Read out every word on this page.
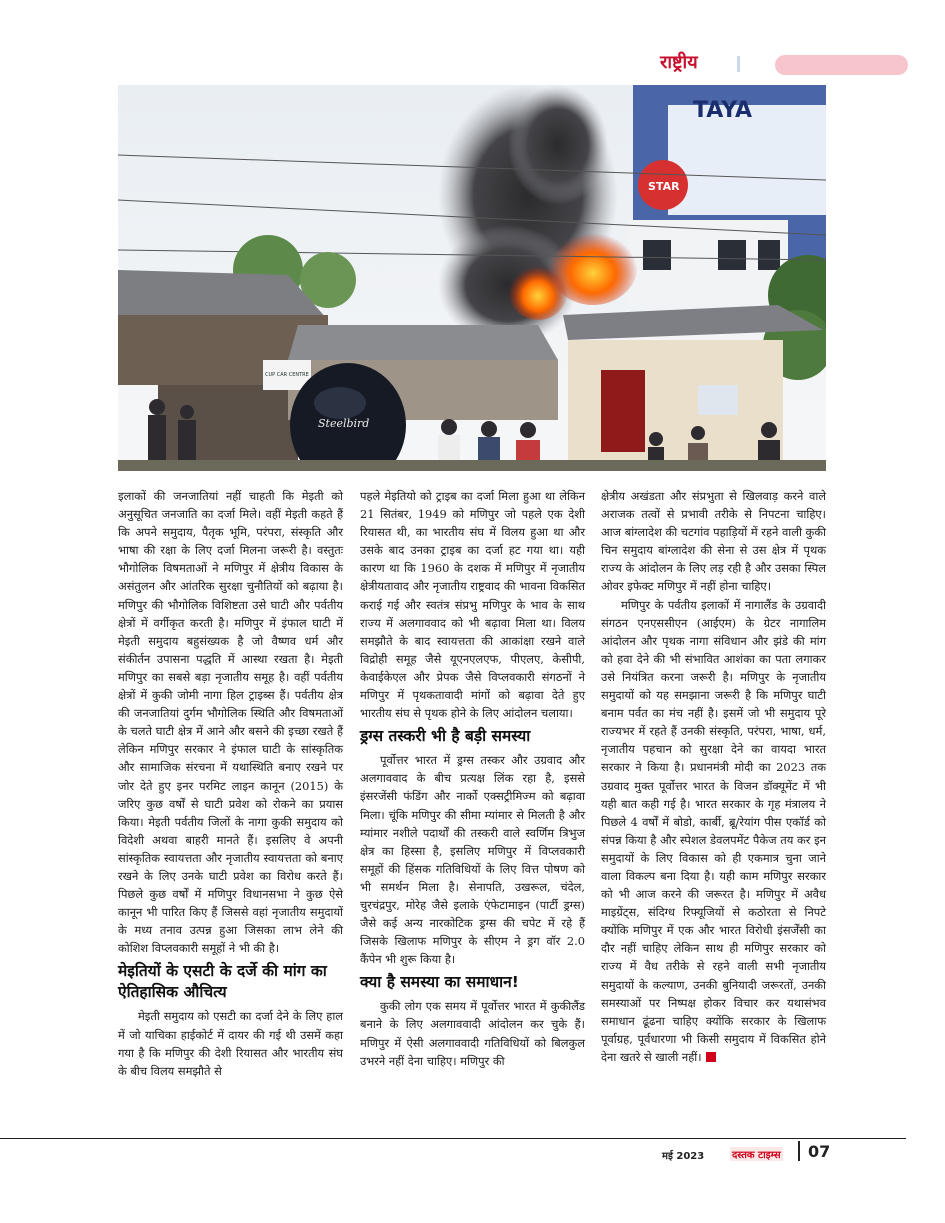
राष्ट्रीय
TAYA
STAR
CUP CAR CENTRE
Steelbird

इलाकों की जनजातियां नहीं चाहती कि मेइती को अनुसूचित जनजाति का दर्जा मिले। वहीं मेइती कहते हैं कि अपने समुदाय, पैतृक भूमि, परंपरा, संस्कृति और भाषा की रक्षा के लिए दर्जा मिलना जरूरी है। वस्तुतः भौगोलिक विषमताओं ने मणिपुर में क्षेत्रीय विकास के असंतुलन और आंतरिक सुरक्षा चुनौतियों को बढ़ाया है। मणिपुर की भौगोलिक विशिष्टता उसे घाटी और पर्वतीय क्षेत्रों में वर्गीकृत करती है। मणिपुर में इंफाल घाटी में मेइती समुदाय बहुसंख्यक है जो वैष्णव धर्म और संकीर्तन उपासना पद्धति में आस्था रखता है। मेइती मणिपुर का सबसे बड़ा नृजातीय समूह है। वहीं पर्वतीय क्षेत्रों में कुकी जोमी नागा हिल ट्राइब्स हैं। पर्वतीय क्षेत्र की जनजातियां दुर्गम भौगोलिक स्थिति और विषमताओं के चलते घाटी क्षेत्र में आने और बसने की इच्छा रखते हैं लेकिन मणिपुर सरकार ने इंफाल घाटी के सांस्कृतिक और सामाजिक संरचना में यथास्थिति बनाए रखने पर जोर देते हुए इनर परमिट लाइन कानून (2015) के जरिए कुछ वर्षों से घाटी प्रवेश को रोकने का प्रयास किया। मेइती पर्वतीय जिलों के नागा कुकी समुदाय को विदेशी अथवा बाहरी मानते हैं। इसलिए वे अपनी सांस्कृतिक स्वायत्तता और नृजातीय स्वायत्तता को बनाए रखने के लिए उनके घाटी प्रवेश का विरोध करते हैं। पिछले कुछ वर्षों में मणिपुर विधानसभा ने कुछ ऐसे कानून भी पारित किए हैं जिससे वहां नृजातीय समुदायों के मध्य तनाव उत्पन्न हुआ जिसका लाभ लेने की कोशिश विप्लवकारी समूहों ने भी की है।

मेइतियों के एसटी के दर्जे की मांग का ऐतिहासिक औचित्य

मेइती समुदाय को एसटी का दर्जा देने के लिए हाल में जो याचिका हाईकोर्ट में दायर की गई थी उसमें कहा गया है कि मणिपुर की देशी रियासत और भारतीय संघ के बीच विलय समझौते से

पहले मेइतियो को ट्राइब का दर्जा मिला हुआ था लेकिन 21 सितंबर, 1949 को मणिपुर जो पहले एक देशी रियासत थी, का भारतीय संघ में विलय हुआ था और उसके बाद उनका ट्राइब का दर्जा हट गया था। यही कारण था कि 1960 के दशक में मणिपुर में नृजातीय क्षेत्रीयतावाद और नृजातीय राष्ट्रवाद की भावना विकसित कराई गई और स्वतंत्र संप्रभु मणिपुर के भाव के साथ राज्य में अलगाववाद को भी बढ़ावा मिला था। विलय समझौते के बाद स्वायत्तता की आकांक्षा रखने वाले विद्रोही समूह जैसे यूएनएलएफ, पीएलए, केसीपी, केवाईकेएल और प्रेपक जैसे विप्लवकारी संगठनों ने मणिपुर में पृथकतावादी मांगों को बढ़ावा देते हुए भारतीय संघ से पृथक होने के लिए आंदोलन चलाया।

ड्रग्स तस्करी भी है बड़ी समस्या

पूर्वोत्तर भारत में ड्रग्स तस्कर और उग्रवाद और अलगाववाद के बीच प्रत्यक्ष लिंक रहा है, इससे इंसरजेंसी फंडिंग और नार्को एक्सट्रीमिज्म को बढ़ावा मिला। चूंकि मणिपुर की सीमा म्यांमार से मिलती है और म्यांमार नशीले पदार्थों की तस्करी वाले स्वर्णिम त्रिभुज क्षेत्र का हिस्सा है, इसलिए मणिपुर में विप्लवकारी समूहों की हिंसक गतिविधियों के लिए वित्त पोषण को भी समर्थन मिला है। सेनापति, उखरूल, चंदेल, चुरचंद्रपुर, मोरेह जैसे इलाके एंफेटामाइन (पार्टी ड्रग्स) जैसे कई अन्य नारकोटिक ड्रग्स की चपेट में रहे हैं जिसके खिलाफ मणिपुर के सीएम ने ड्रग वॉर 2.0 कैंपेन भी शुरू किया है।

क्या है समस्या का समाधान!

कुकी लोग एक समय में पूर्वोत्तर भारत में कुकीलैंड बनाने के लिए अलगाववादी आंदोलन कर चुके हैं। मणिपुर में ऐसी अलगाववादी गतिविधियों को बिलकुल उभरने नहीं देना चाहिए। मणिपुर की

क्षेत्रीय अखंडता और संप्रभुता से खिलवाड़ करने वाले अराजक तत्वों से प्रभावी तरीके से निपटना चाहिए। आज बांग्लादेश की चटगांव पहाड़ियों में रहने वाली कुकी चिन समुदाय बांग्लादेश की सेना से उस क्षेत्र में पृथक राज्य के आंदोलन के लिए लड़ रही है और उसका स्पिल ओवर इफेक्ट मणिपुर में नहीं होना चाहिए।

मणिपुर के पर्वतीय इलाकों में नागालैंड के उग्रवादी संगठन एनएससीएन (आईएम) के ग्रेटर नागालिम आंदोलन और पृथक नागा संविधान और झंडे की मांग को हवा देने की भी संभावित आशंका का पता लगाकर उसे नियंत्रित करना जरूरी है। मणिपुर के नृजातीय समुदायों को यह समझाना जरूरी है कि मणिपुर घाटी बनाम पर्वत का मंच नहीं है। इसमें जो भी समुदाय पूरे राज्यभर में रहते हैं उनकी संस्कृति, परंपरा, भाषा, धर्म, नृजातीय पहचान को सुरक्षा देने का वायदा भारत सरकार ने किया है। प्रधानमंत्री मोदी का 2023 तक उग्रवाद मुक्त पूर्वोत्तर भारत के विजन डॉक्यूमेंट में भी यही बात कही गई है। भारत सरकार के गृह मंत्रालय ने पिछले 4 वर्षों में बोडो, कार्बी, ब्रू/रेयांग पीस एकॉर्ड को संपन्न किया है और स्पेशल डेवलपमेंट पैकेज तय कर इन समुदायों के लिए विकास को ही एकमात्र चुना जाने वाला विकल्प बना दिया है। यही काम मणिपुर सरकार को भी आज करने की जरूरत है। मणिपुर में अवैध माइग्रेंट्स, संदिग्ध रिफ्यूजियों से कठोरता से निपटे क्योंकि मणिपुर में एक और भारत विरोधी इंसर्जेंसी का दौर नहीं चाहिए लेकिन साथ ही मणिपुर सरकार को राज्य में वैध तरीके से रहने वाली सभी नृजातीय समुदायों के कल्याण, उनकी बुनियादी जरूरतों, उनकी समस्याओं पर निष्पक्ष होकर विचार कर यथासंभव समाधान ढूंढना चाहिए क्योंकि सरकार के खिलाफ पूर्वाग्रह, पूर्वधारणा भी किसी समुदाय में विकसित होने देना खतरे से खाली नहीं।

मई 2023	दस्तक टाइम्स 07
